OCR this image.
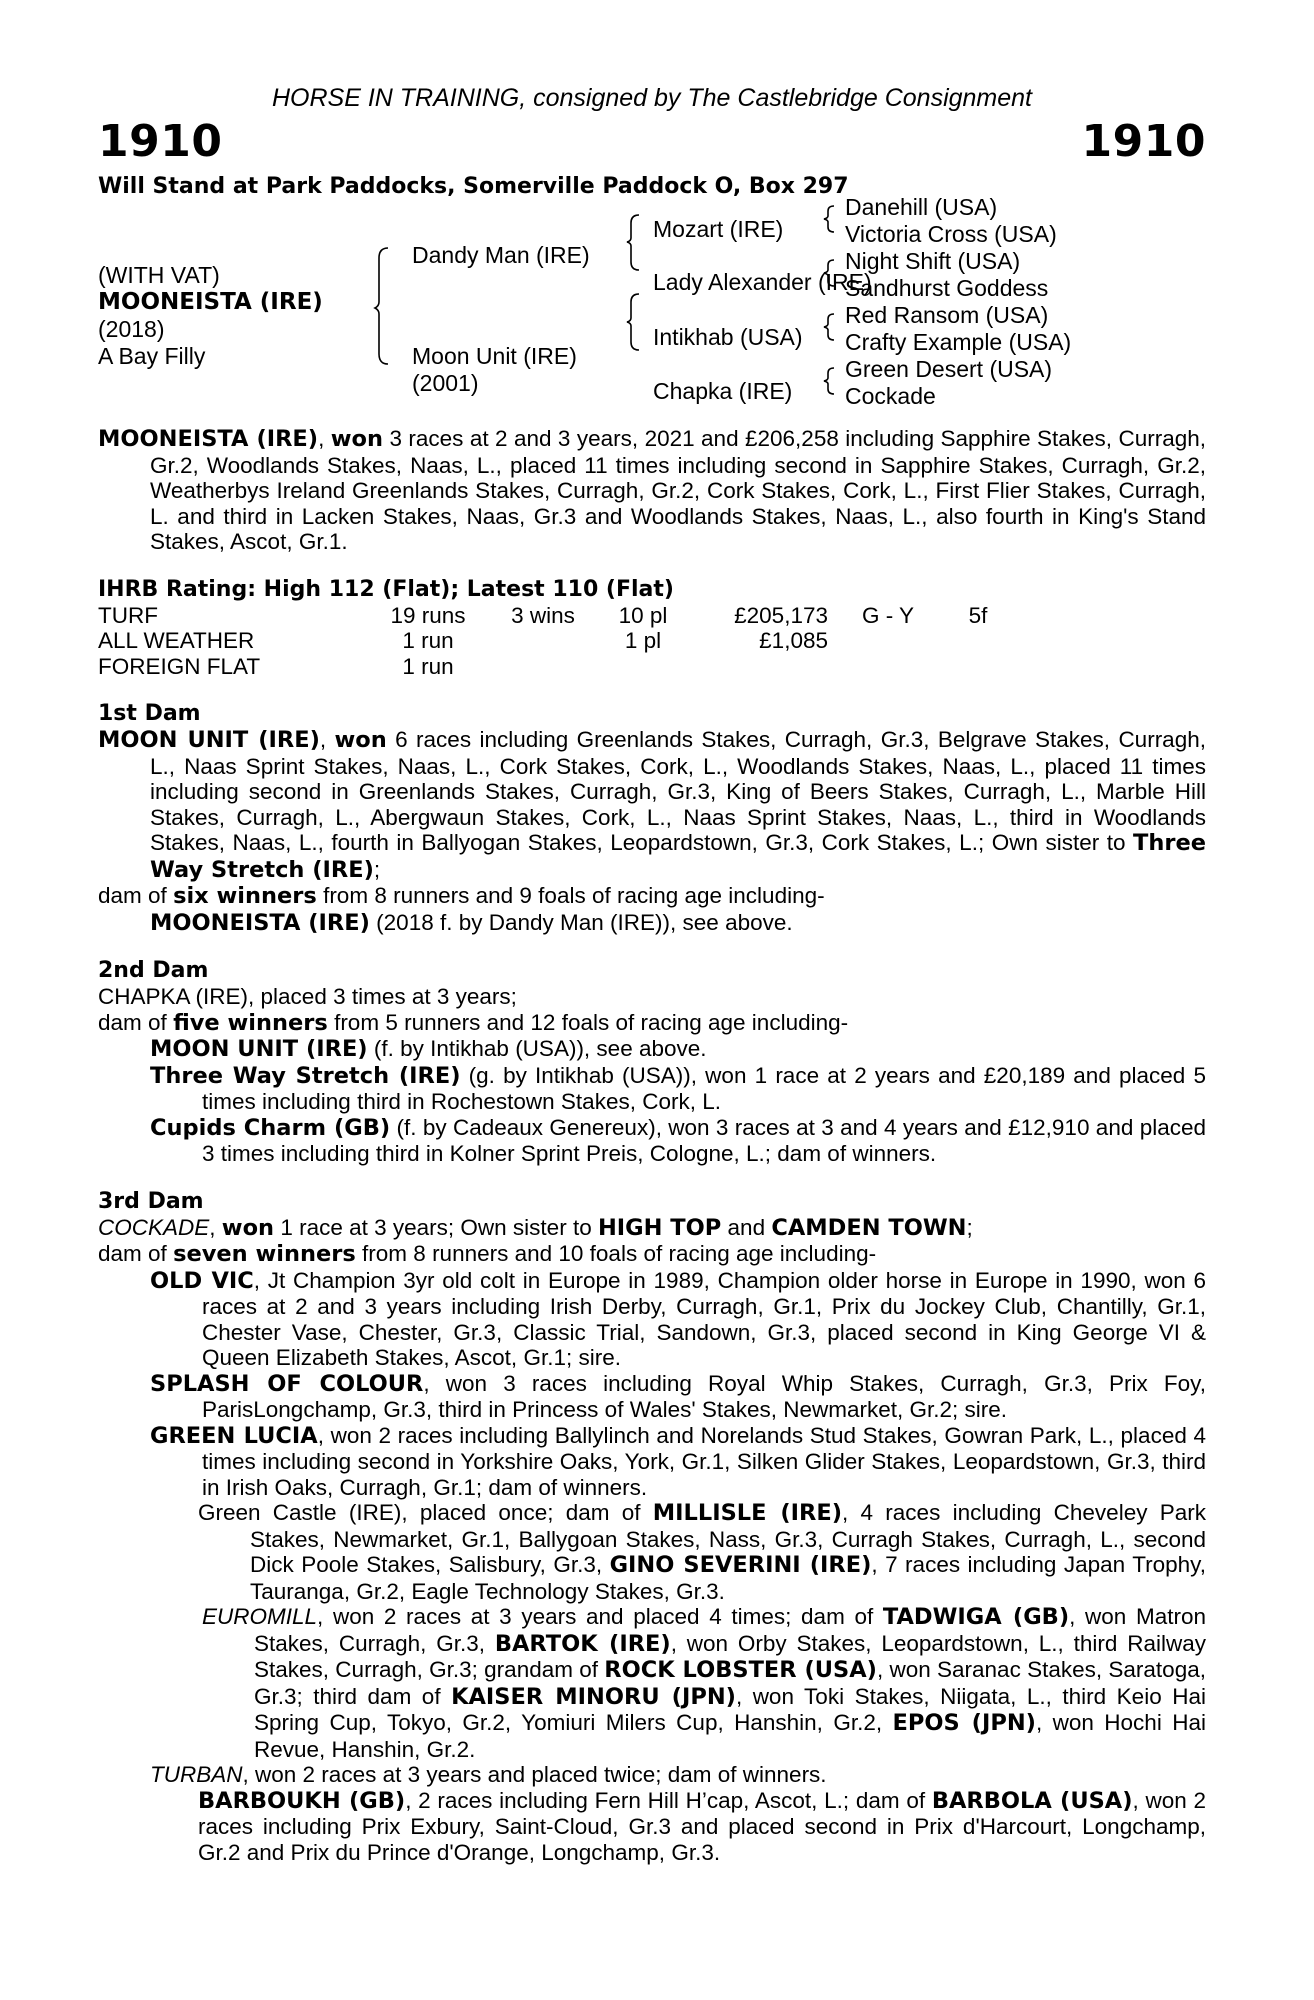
HORSE IN TRAINING, consigned by The Castlebridge Consignment
1910	1910
Will Stand at Park Paddocks, Somerville Paddock O, Box 297
(WITH VAT)
MOONEISTA (IRE)
(2018)
A Bay Filly
Dandy Man (IRE)
Moon Unit (IRE)
(2001)
Mozart (IRE)
Lady Alexander (IRE)
Intikhab (USA)
Chapka (IRE)
Danehill (USA)
Victoria Cross (USA)
Night Shift (USA)
Sandhurst Goddess
Red Ransom (USA)
Crafty Example (USA)
Green Desert (USA)
Cockade
MOONEISTA (IRE), won 3 races at 2 and 3 years, 2021 and £206,258 including Sapphire Stakes, Curragh, Gr.2, Woodlands Stakes, Naas, L., placed 11 times including second in Sapphire Stakes, Curragh, Gr.2, Weatherbys Ireland Greenlands Stakes, Curragh, Gr.2, Cork Stakes, Cork, L., First Flier Stakes, Curragh, L. and third in Lacken Stakes, Naas, Gr.3 and Woodlands Stakes, Naas, L., also fourth in King's Stand Stakes, Ascot, Gr.1.
IHRB Rating: High 112 (Flat); Latest 110 (Flat)
TURF	19 runs	3 wins	10 pl	£205,173	G - Y	5f
ALL WEATHER	1 run		1 pl	£1,085		
FOREIGN FLAT	1 run					
1st Dam
MOON UNIT (IRE), won 6 races including Greenlands Stakes, Curragh, Gr.3, Belgrave Stakes, Curragh, L., Naas Sprint Stakes, Naas, L., Cork Stakes, Cork, L., Woodlands Stakes, Naas, L., placed 11 times including second in Greenlands Stakes, Curragh, Gr.3, King of Beers Stakes, Curragh, L., Marble Hill Stakes, Curragh, L., Abergwaun Stakes, Cork, L., Naas Sprint Stakes, Naas, L., third in Woodlands Stakes, Naas, L., fourth in Ballyogan Stakes, Leopardstown, Gr.3, Cork Stakes, L.; Own sister to Three Way Stretch (IRE);
dam of six winners from 8 runners and 9 foals of racing age including-
MOONEISTA (IRE) (2018 f. by Dandy Man (IRE)), see above.
2nd Dam
CHAPKA (IRE), placed 3 times at 3 years;
dam of five winners from 5 runners and 12 foals of racing age including-
MOON UNIT (IRE) (f. by Intikhab (USA)), see above.
Three Way Stretch (IRE) (g. by Intikhab (USA)), won 1 race at 2 years and £20,189 and placed 5 times including third in Rochestown Stakes, Cork, L.
Cupids Charm (GB) (f. by Cadeaux Genereux), won 3 races at 3 and 4 years and £12,910 and placed 3 times including third in Kolner Sprint Preis, Cologne, L.; dam of winners.
3rd Dam
COCKADE, won 1 race at 3 years; Own sister to HIGH TOP and CAMDEN TOWN;
dam of seven winners from 8 runners and 10 foals of racing age including-
OLD VIC, Jt Champion 3yr old colt in Europe in 1989, Champion older horse in Europe in 1990, won 6 races at 2 and 3 years including Irish Derby, Curragh, Gr.1, Prix du Jockey Club, Chantilly, Gr.1, Chester Vase, Chester, Gr.3, Classic Trial, Sandown, Gr.3, placed second in King George VI & Queen Elizabeth Stakes, Ascot, Gr.1; sire.
SPLASH OF COLOUR, won 3 races including Royal Whip Stakes, Curragh, Gr.3, Prix Foy, ParisLongchamp, Gr.3, third in Princess of Wales' Stakes, Newmarket, Gr.2; sire.
GREEN LUCIA, won 2 races including Ballylinch and Norelands Stud Stakes, Gowran Park, L., placed 4 times including second in Yorkshire Oaks, York, Gr.1, Silken Glider Stakes, Leopardstown, Gr.3, third in Irish Oaks, Curragh, Gr.1; dam of winners.
Green Castle (IRE), placed once; dam of MILLISLE (IRE), 4 races including Cheveley Park Stakes, Newmarket, Gr.1, Ballygoan Stakes, Nass, Gr.3, Curragh Stakes, Curragh, L., second Dick Poole Stakes, Salisbury, Gr.3, GINO SEVERINI (IRE), 7 races including Japan Trophy, Tauranga, Gr.2, Eagle Technology Stakes, Gr.3.
EUROMILL, won 2 races at 3 years and placed 4 times; dam of TADWIGA (GB), won Matron Stakes, Curragh, Gr.3, BARTOK (IRE), won Orby Stakes, Leopardstown, L., third Railway Stakes, Curragh, Gr.3; grandam of ROCK LOBSTER (USA), won Saranac Stakes, Saratoga, Gr.3; third dam of KAISER MINORU (JPN), won Toki Stakes, Niigata, L., third Keio Hai Spring Cup, Tokyo, Gr.2, Yomiuri Milers Cup, Hanshin, Gr.2, EPOS (JPN), won Hochi Hai Revue, Hanshin, Gr.2.
TURBAN, won 2 races at 3 years and placed twice; dam of winners.
BARBOUKH (GB), 2 races including Fern Hill H’cap, Ascot, L.; dam of BARBOLA (USA), won 2 races including Prix Exbury, Saint-Cloud, Gr.3 and placed second in Prix d'Harcourt, Longchamp, Gr.2 and Prix du Prince d'Orange, Longchamp, Gr.3.
